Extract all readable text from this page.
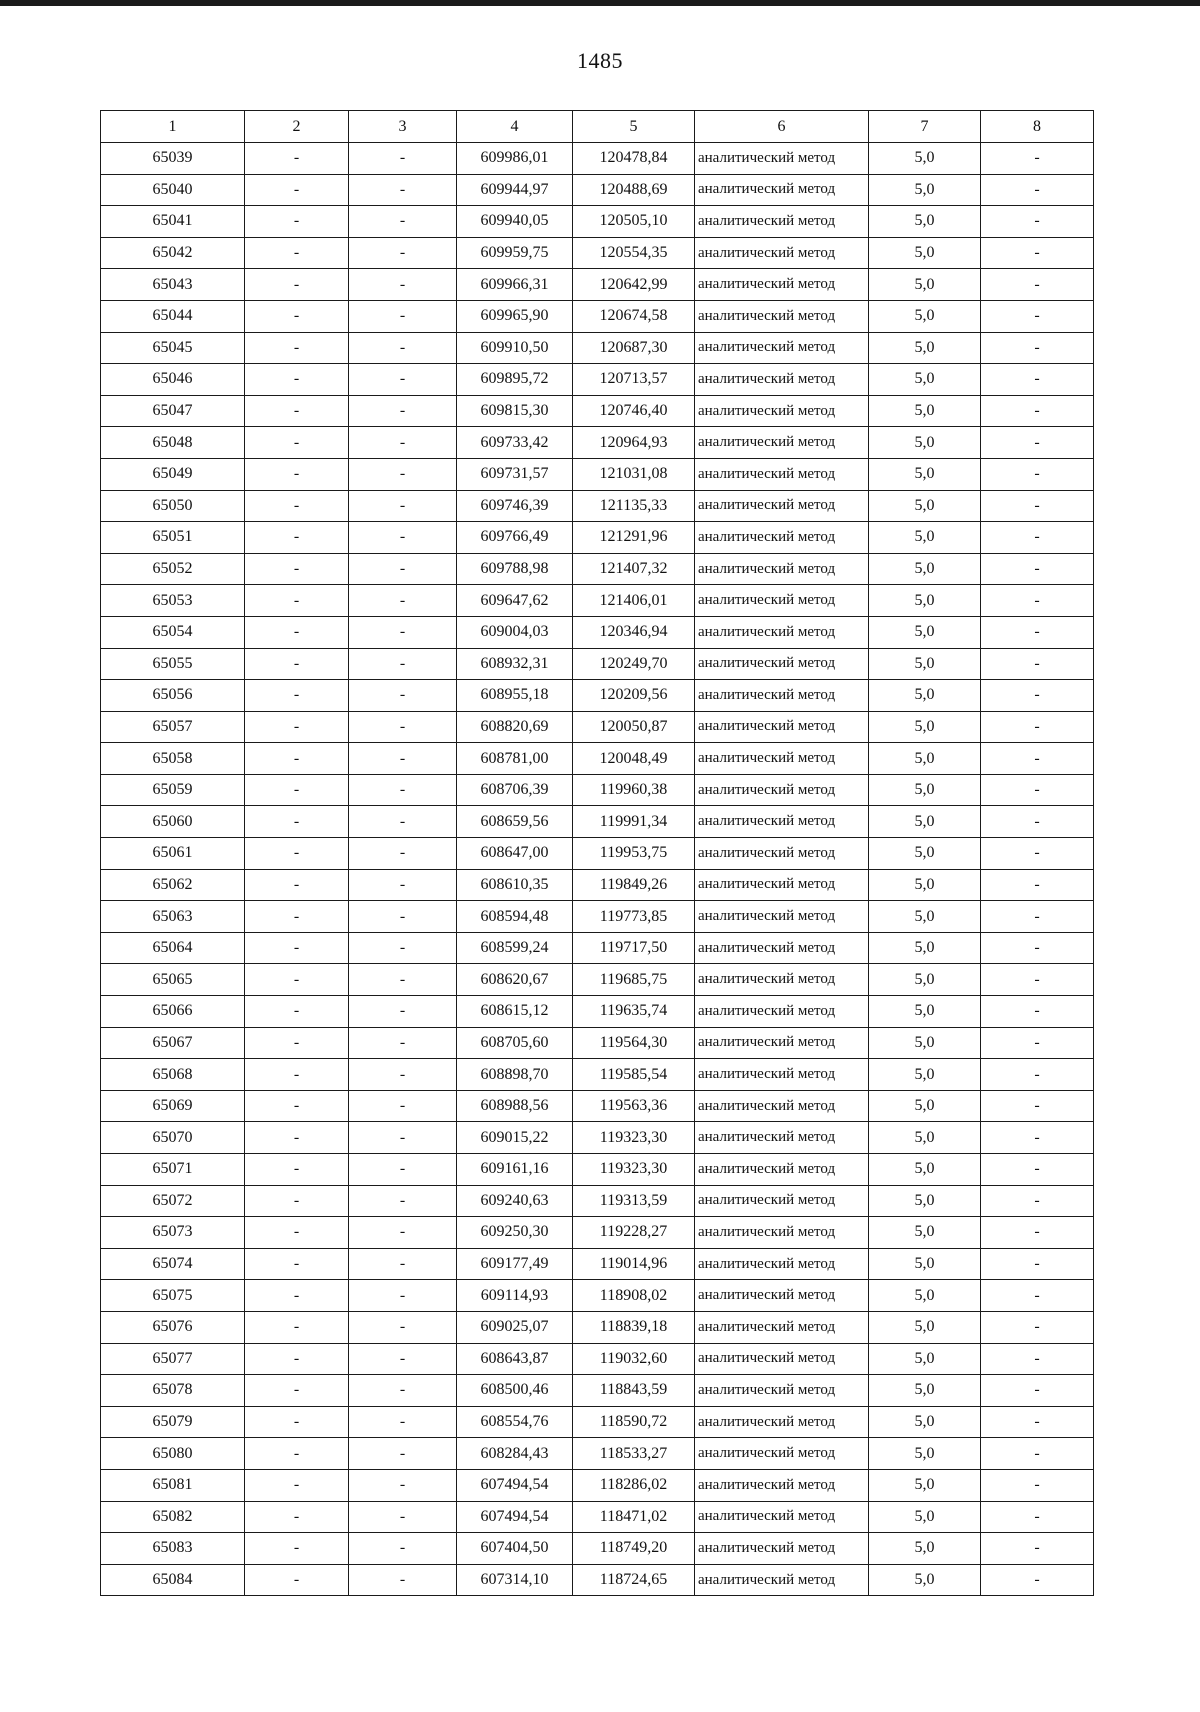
1485
1	2	3	4	5	6	7	8
65039	-	-	609986,01	120478,84	аналитический метод	5,0	-
65040	-	-	609944,97	120488,69	аналитический метод	5,0	-
65041	-	-	609940,05	120505,10	аналитический метод	5,0	-
65042	-	-	609959,75	120554,35	аналитический метод	5,0	-
65043	-	-	609966,31	120642,99	аналитический метод	5,0	-
65044	-	-	609965,90	120674,58	аналитический метод	5,0	-
65045	-	-	609910,50	120687,30	аналитический метод	5,0	-
65046	-	-	609895,72	120713,57	аналитический метод	5,0	-
65047	-	-	609815,30	120746,40	аналитический метод	5,0	-
65048	-	-	609733,42	120964,93	аналитический метод	5,0	-
65049	-	-	609731,57	121031,08	аналитический метод	5,0	-
65050	-	-	609746,39	121135,33	аналитический метод	5,0	-
65051	-	-	609766,49	121291,96	аналитический метод	5,0	-
65052	-	-	609788,98	121407,32	аналитический метод	5,0	-
65053	-	-	609647,62	121406,01	аналитический метод	5,0	-
65054	-	-	609004,03	120346,94	аналитический метод	5,0	-
65055	-	-	608932,31	120249,70	аналитический метод	5,0	-
65056	-	-	608955,18	120209,56	аналитический метод	5,0	-
65057	-	-	608820,69	120050,87	аналитический метод	5,0	-
65058	-	-	608781,00	120048,49	аналитический метод	5,0	-
65059	-	-	608706,39	119960,38	аналитический метод	5,0	-
65060	-	-	608659,56	119991,34	аналитический метод	5,0	-
65061	-	-	608647,00	119953,75	аналитический метод	5,0	-
65062	-	-	608610,35	119849,26	аналитический метод	5,0	-
65063	-	-	608594,48	119773,85	аналитический метод	5,0	-
65064	-	-	608599,24	119717,50	аналитический метод	5,0	-
65065	-	-	608620,67	119685,75	аналитический метод	5,0	-
65066	-	-	608615,12	119635,74	аналитический метод	5,0	-
65067	-	-	608705,60	119564,30	аналитический метод	5,0	-
65068	-	-	608898,70	119585,54	аналитический метод	5,0	-
65069	-	-	608988,56	119563,36	аналитический метод	5,0	-
65070	-	-	609015,22	119323,30	аналитический метод	5,0	-
65071	-	-	609161,16	119323,30	аналитический метод	5,0	-
65072	-	-	609240,63	119313,59	аналитический метод	5,0	-
65073	-	-	609250,30	119228,27	аналитический метод	5,0	-
65074	-	-	609177,49	119014,96	аналитический метод	5,0	-
65075	-	-	609114,93	118908,02	аналитический метод	5,0	-
65076	-	-	609025,07	118839,18	аналитический метод	5,0	-
65077	-	-	608643,87	119032,60	аналитический метод	5,0	-
65078	-	-	608500,46	118843,59	аналитический метод	5,0	-
65079	-	-	608554,76	118590,72	аналитический метод	5,0	-
65080	-	-	608284,43	118533,27	аналитический метод	5,0	-
65081	-	-	607494,54	118286,02	аналитический метод	5,0	-
65082	-	-	607494,54	118471,02	аналитический метод	5,0	-
65083	-	-	607404,50	118749,20	аналитический метод	5,0	-
65084	-	-	607314,10	118724,65	аналитический метод	5,0	-
